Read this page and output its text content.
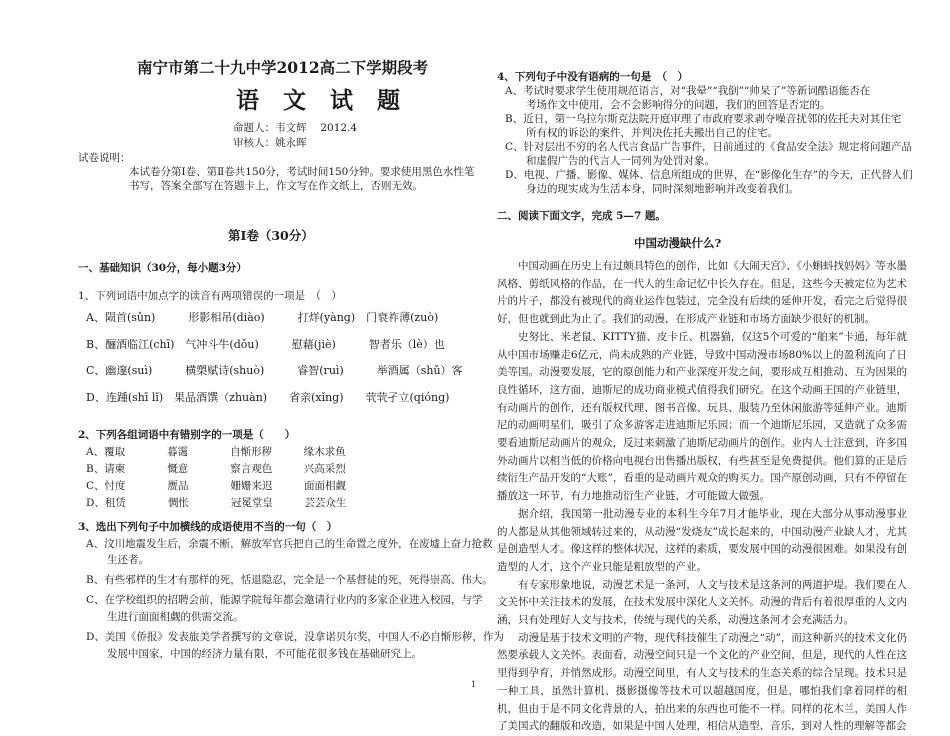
南宁市第二十九中学2012高二下学期段考
语 文 试 题
命题人：韦文辉　 2012.4
审核人：姚永晖
试卷说明：
本试卷分第Ⅰ卷、第Ⅱ卷共150分，考试时间150分钟。要求使用黑色水性笔
书写，答案全部写在答题卡上，作文写在作文纸上，否则无效。
第Ⅰ卷（30分）
一、基础知识（30分，每小题3分）
1、下列词语中加点字的读音有两项错误的一项是　（　）
A、陨首(sǔn)　　　形影相吊(diào)　　　打烊(yàng)　门衰祚薄(zuò)
B、酾酒临江(chī)　气冲斗牛(dǒu)　　　慰藉(jiè)　　　智者乐（lè）也
C、幽邃(suì)　　　横槊赋诗(shuò)　　　睿智(ruì)　　　举酒属（shǔ）客
D、连踵(shī lǐ)　果品酒馔（zhuàn)　　省亲(xǐng)　　茕茕孑立(qióng)
2、下列各组词语中有错别字的一项是（　　）
A、覆取　　　　暮霭　　　　自惭形秽　　　缘木求鱼
B、请柬　　　　慨意　　　　察言观色　　　兴高采烈
C、忖度　　　　赝品　　　　姗姗来迟　　　面面相觑
D、租赁　　　　惆怅　　　　冠冕堂皇　　　芸芸众生
3、选出下列句子中加横线的成语使用不当的一句（　）
A、汶川地震发生后，余震不断，解放军官兵把自己的生命置之度外，在废墟上奋力抢救
　　生还者。
B、有些邪样的生才有那样的死，恬退隐忍，完全是一个基督徒的死，死得崇高、伟大。
C、在学校组织的招聘会前，能源学院每年都会邀请行业内的多家企业进入校园，与学
　　生进行面面相觑的供需交流。
D、美国《侨报》发表旅美学者撰写的文章说，没拿诺贝尔奖，中国人不必自惭形秽，作为
　　发展中国家，中国的经济力量有限，不可能花很多钱在基础研究上。
4、下列句子中没有语病的一句是　（　）
A、考试时要求学生使用规范语言，对“我晕”“我倒”“帅呆了”等新词酷语能否在
　　考场作文中使用，会不会影响得分的问题，我们的回答是否定的。
B、近日，第一乌拉尔斯克法院开庭审理了市政府要求剥夺噪音扰邻的佐托夫对其住宅
　　所有权的诉讼的案件，并判决佐托夫搬出自己的住宅。
C、针对层出不穷的名人代言食品广告事件，日前通过的《食品安全法》规定将问题产品
　　和虚假广告的代言人一同列为处罚对象。
D、电视、广播、影像、媒体、信息所组成的世界，在“影像化生存”的今天，正代替人们
　　身边的现实成为生活本身，同时深刻地影响并改变着我们。
二、阅读下面文字，完成 5—7 题。
中国动漫缺什么?

中国动画在历史上有过颇具特色的创作，比如《大闹天宫》、《小蝌蚪找妈妈》等水墨风格、剪纸风格的作品，在一代人的生命记忆中长久存在。但是，这些今天被定位为艺术片的片子，都没有被现代的商业运作包装过，完全没有后续的延伸开发，看完之后觉得很好，但也就到此为止了。我们的动漫，在形成产业链和市场方面缺少很好的机制。

史努比、米老鼠、KITTY猫、皮卡丘、机器猫，仅这5个可爱的“舶来”卡通，每年就从中国市场赚走6亿元，尚未成熟的产业链，导致中国动漫市场80%以上的盈利流向了日美等国。动漫要发展，它的原创能力和产业深度开发之间，要形成互相推动、互为因果的良性循环，这方面，迪斯尼的成功商业模式值得我们研究。在这个动画王国的产业链里，有动画片的创作，还有版权代理、图书音像、玩具、服装乃至休闲旅游等延伸产业。迪斯尼的动画明星们，吸引了众多游客走进迪斯尼乐园；而一个迪斯尼乐园，又造就了众多需要看迪斯尼动画片的观众，反过来刺激了迪斯尼动画片的创作。业内人士注意到，许多国外动画片以相当低的价格向电视台出售播出版权，有些甚至是免费提供。他们算的正是后续衍生产品开发的“大账”，看重的是动画片观众的购买力。国产原创动画，只有不停留在播放这一环节，有力地推动衍生产业链，才可能做大做强。

据介绍，我国第一批动漫专业的本科生今年7月才能毕业，现在大部分从事动漫事业的人都是从其他领域转过来的，从动漫“发烧友”成长起来的，中国动漫产业缺人才，尤其是创造型人才。像这样的整体状况，这样的素质，要发展中国的动漫很困难。如果没有创造型的人才，这个产业只能是粗放型的产业。

有专家形象地说，动漫艺术是一条河，人文与技术是这条河的两道护堤。我们要在人文关怀中关注技术的发展，在技术发展中深化人文关怀。动漫的背后有着很厚重的人文内涵，只有处理好人文与技术，传统与现代的关系，动漫这条河才会充满活力。

动漫是基于技术文明的产物，现代科技催生了动漫之“动”，而这种新兴的技术文化仍然要承载人文关怀。表面看，动漫空间只是一个文化的产业空间，但是，现代的人性在这里得到孕育，并悄然成形。动漫空间里，有人文与技术的生态关系的综合呈现。技术只是一种工具，虽然计算机、摄影摄像等技术可以超越国度，但是，哪怕我们拿着同样的相机，但由于是不同文化背景的人，拍出来的东西也可能不一样。同样的花木兰，美国人作了美国式的翻版和改造，如果是中国人处理，相信从造型、音乐，到对人性的理解等都会

1
